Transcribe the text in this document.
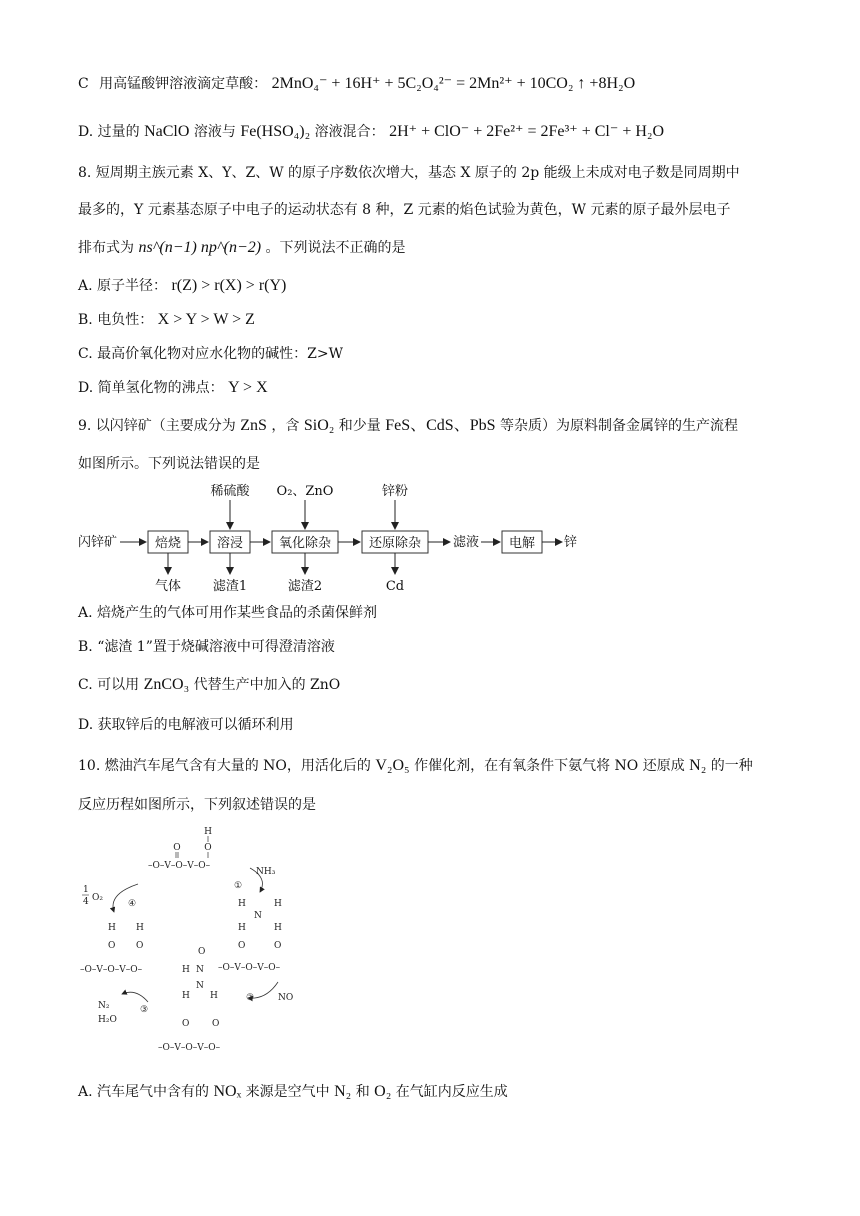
C 用高锰酸钾溶液滴定草酸： 2MnO₄⁻ + 16H⁺ + 5C₂O₄²⁻ = 2Mn²⁺ + 10CO₂ ↑ +8H₂O
D. 过量的 NaClO 溶液与 Fe(HSO₄)₂ 溶液混合： 2H⁺ + ClO⁻ + 2Fe²⁺ = 2Fe³⁺ + Cl⁻ + H₂O
8. 短周期主族元素 X、Y、Z、W 的原子序数依次增大，基态 X 原子的 2p 能级上未成对电子数是同周期中
最多的，Y 元素基态原子中电子的运动状态有 8 种，Z 元素的焰色试验为黄色，W 元素的原子最外层电子
排布式为 ns^(n−1) np^(n−2) 。下列说法不正确的是
A. 原子半径： r(Z) > r(X) > r(Y)
B. 电负性： X > Y > W > Z
C. 最高价氧化物对应水化物的碱性：Z>W
D. 简单氢化物的沸点： Y > X
9. 以闪锌矿（主要成分为 ZnS ，含 SiO₂ 和少量 FeS、CdS、PbS 等杂质）为原料制备金属锌的生产流程
如图所示。下列说法错误的是
闪锌矿	焙烧	溶浸	氧化除杂	还原除杂 滤液 电解 锌
稀硫酸 O₂、ZnO	锌粉
气体 滤渣1	滤渣2	Cd
A. 焙烧产生的气体可用作某些食品的杀菌保鲜剂
B. “滤渣 1”置于烧碱溶液中可得澄清溶液
C. 可以用 ZnCO₃ 代替生产中加入的 ZnO
D. 获取锌后的电解液可以循环利用
10. 燃油汽车尾气含有大量的 NO，用活化后的 V₂O₅ 作催化剂，在有氧条件下氨气将 NO 还原成 N₂ 的一种
反应历程如图所示，下列叙述错误的是
H
O
O
–O–V–O–V–O–
①
NH₃
H	H
N
H	H
O	O
–O–V–O–V–O–
②	NO
O
H N
N
H H
O	O
–O–V–O–V–O–
③
N₂
H₂O
H H
O O
–O–V–O–V–O–
④
1
4 O₂
A. 汽车尾气中含有的 NOₓ 来源是空气中 N₂ 和 O₂ 在气缸内反应生成
